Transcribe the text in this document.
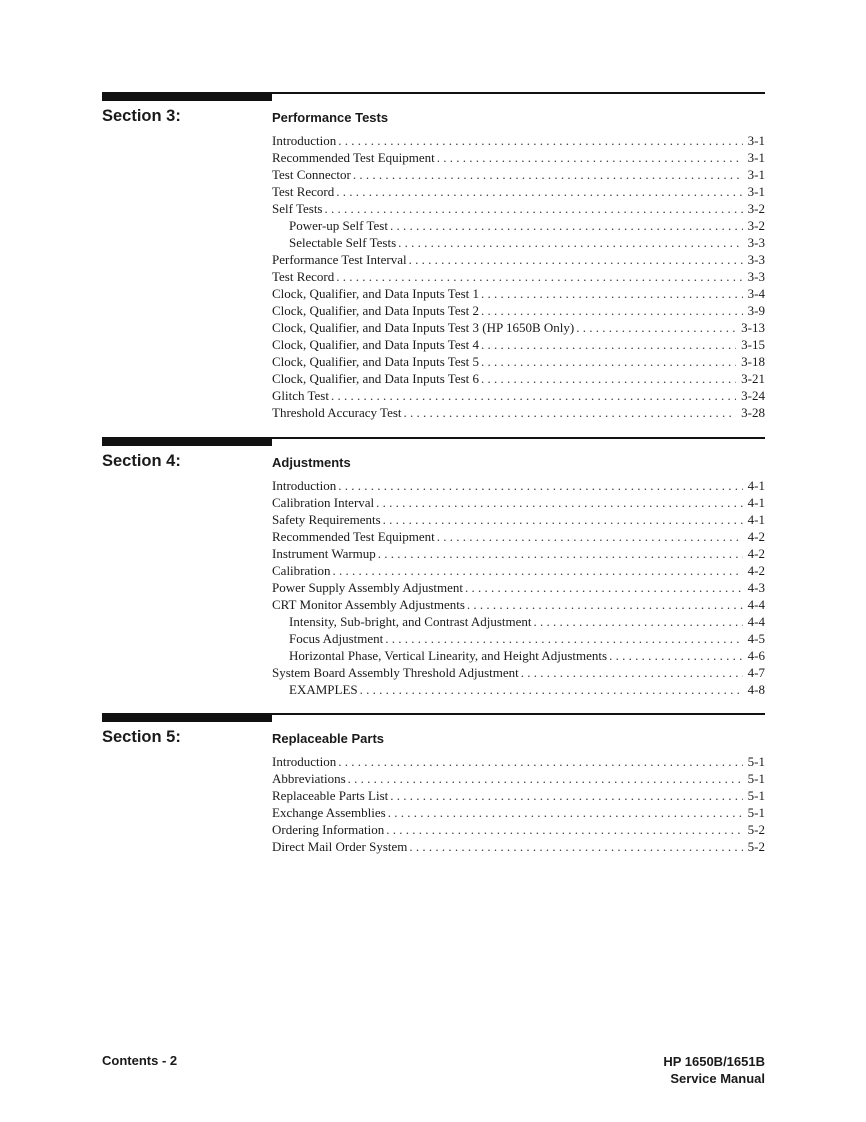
Section 3:	Performance Tests
Introduction . . .	3-1
Recommended Test Equipment . . .	3-1
Test Connector . . .	3-1
Test Record . . .	3-1
Self Tests . . .	3-2
Power-up Self Test . . .	3-2
Selectable Self Tests . . .	3-3
Performance Test Interval . . .	3-3
Test Record . . .	3-3
Clock, Qualifier, and Data Inputs Test 1 . . .	3-4
Clock, Qualifier, and Data Inputs Test 2 . . .	3-9
Clock, Qualifier, and Data Inputs Test 3 (HP 1650B Only) . . .	3-13
Clock, Qualifier, and Data Inputs Test 4 . . .	3-15
Clock, Qualifier, and Data Inputs Test 5 . . .	3-18
Clock, Qualifier, and Data Inputs Test 6 . . .	3-21
Glitch Test . . .	3-24
Threshold Accuracy Test . . .	3-28
Section 4:	Adjustments
Introduction . . .	4-1
Calibration Interval . . .	4-1
Safety Requirements . . .	4-1
Recommended Test Equipment . . .	4-2
Instrument Warmup . . .	4-2
Calibration . . .	4-2
Power Supply Assembly Adjustment . . .	4-3
CRT Monitor Assembly Adjustments . . .	4-4
Intensity, Sub-bright, and Contrast Adjustment . . .	4-4
Focus Adjustment . . .	4-5
Horizontal Phase, Vertical Linearity, and Height Adjustments . . .	4-6
System Board Assembly Threshold Adjustment . . .	4-7
EXAMPLES . . .	4-8
Section 5:	Replaceable Parts
Introduction . . .	5-1
Abbreviations . . .	5-1
Replaceable Parts List . . .	5-1
Exchange Assemblies . . .	5-1
Ordering Information . . .	5-2
Direct Mail Order System . . .	5-2
Contents - 2	HP 1650B/1651B
Service Manual
